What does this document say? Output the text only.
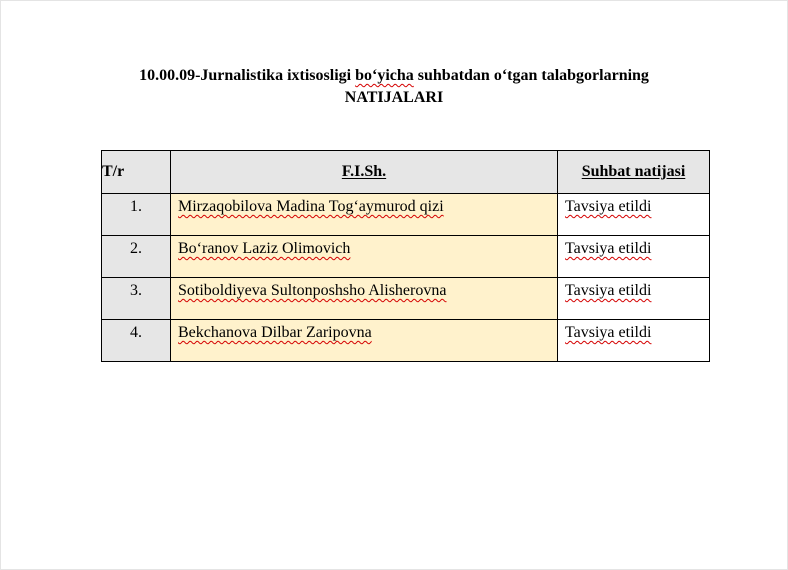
10.00.09-Jurnalistika ixtisosligi bo‘yicha suhbatdan o‘tgan talabgorlarning
NATIJALARI
T/r	F.I.Sh.	Suhbat natijasi
1.	Mirzaqobilova Madina Tog‘aymurod qizi	Tavsiya etildi
2.	Bo‘ranov Laziz Olimovich	Tavsiya etildi
3.	Sotiboldiyeva Sultonposhsho Alisherovna	Tavsiya etildi
4.	Bekchanova Dilbar Zaripovna	Tavsiya etildi
